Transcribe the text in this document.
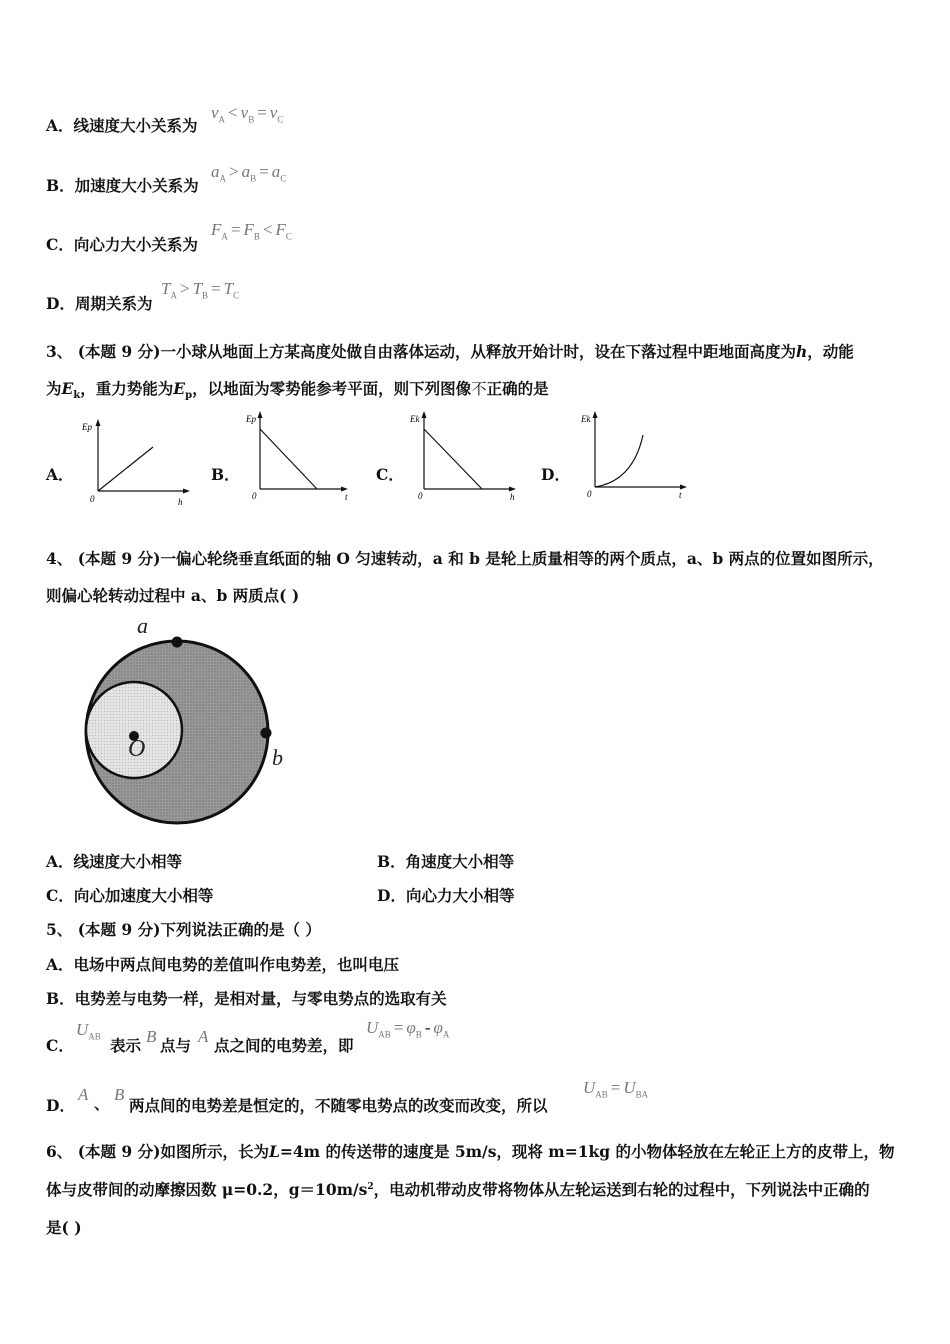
A．线速度大小关系为
$v_A < v_B = v_C$
B．加速度大小关系为
$a_A > a_B = a_C$
C．向心力大小关系为
$F_A = F_B < F_C$
D．周期关系为
$T_A > T_B = T_C$
3、 (本题 9 分)一小球从地面上方某高度处做自由落体运动，从释放开始计时，设在下落过程中距地面高度为h，动能
为$E_k$，重力势能为$E_p$，以地面为零势能参考平面，则下列图像不正确的是
A．	B．	C．	D．
Ep
0	h
Ep
0	t
Ek
0	h
Ek
0	t
4、 (本题 9 分)一偏心轮绕垂直纸面的轴 O 匀速转动，a 和 b 是轮上质量相等的两个质点，a、b 两点的位置如图所示，
则偏心轮转动过程中 a、b 两质点( )
a
b
O
A．线速度大小相等	B．角速度大小相等
C．向心加速度大小相等	D．向心力大小相等
5、 (本题 9 分)下列说法正确的是（ ）
A．电场中两点间电势的差值叫作电势差，也叫电压
B．电势差与电势一样，是相对量，与零电势点的选取有关
C．
$U_{AB}$ 表示 B 点与 A 点之间的电势差，即
$U_{AB} = \varphi_B - \varphi_A$
D．
A 、 B
两点间的电势差是恒定的，不随零电势点的改变而改变，所以
$U_{AB} = U_{BA}$
6、 (本题 9 分)如图所示，长为L=4m 的传送带的速度是 5m/s，现将 m=1kg 的小物体轻放在左轮正上方的皮带上，物
体与皮带间的动摩擦因数 μ=0.2，$g=10m/s^2$，电动机带动皮带将物体从左轮运送到右轮的过程中，下列说法中正确的
是( )
